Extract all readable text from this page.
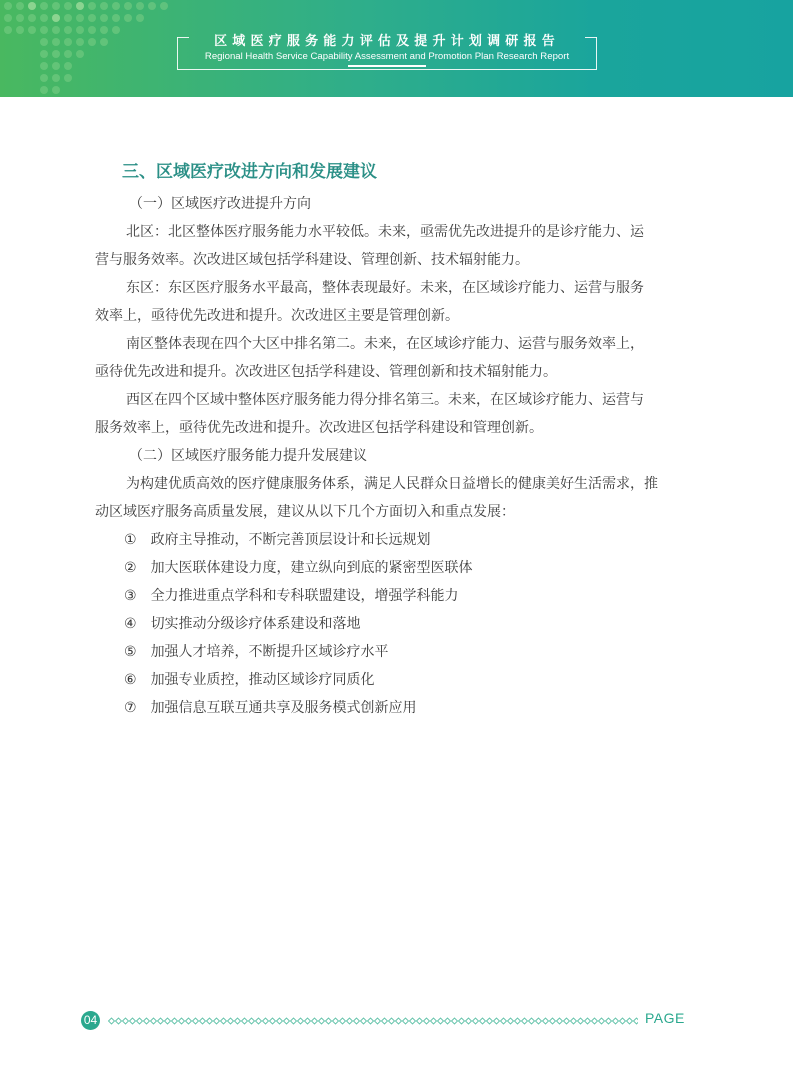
区域医疗服务能力评估及提升计划调研报告
Regional Health Service Capability Assessment and Promotion Plan Research Report
三、区域医疗改进方向和发展建议
（一）区域医疗改进提升方向
北区：北区整体医疗服务能力水平较低。未来，亟需优先改进提升的是诊疗能力、运
营与服务效率。次改进区域包括学科建设、管理创新、技术辐射能力。
东区：东区医疗服务水平最高，整体表现最好。未来，在区域诊疗能力、运营与服务
效率上，亟待优先改进和提升。次改进区主要是管理创新。
南区整体表现在四个大区中排名第二。未来，在区域诊疗能力、运营与服务效率上，
亟待优先改进和提升。次改进区包括学科建设、管理创新和技术辐射能力。
西区在四个区域中整体医疗服务能力得分排名第三。未来，在区域诊疗能力、运营与
服务效率上，亟待优先改进和提升。次改进区包括学科建设和管理创新。
（二）区域医疗服务能力提升发展建议
为构建优质高效的医疗健康服务体系，满足人民群众日益增长的健康美好生活需求，推
动区域医疗服务高质量发展，建议从以下几个方面切入和重点发展：
① 政府主导推动，不断完善顶层设计和长远规划
② 加大医联体建设力度，建立纵向到底的紧密型医联体
③ 全力推进重点学科和专科联盟建设，增强学科能力
④ 切实推动分级诊疗体系建设和落地
⑤ 加强人才培养，不断提升区域诊疗水平
⑥ 加强专业质控，推动区域诊疗同质化
⑦ 加强信息互联互通共享及服务模式创新应用
04	PAGE
